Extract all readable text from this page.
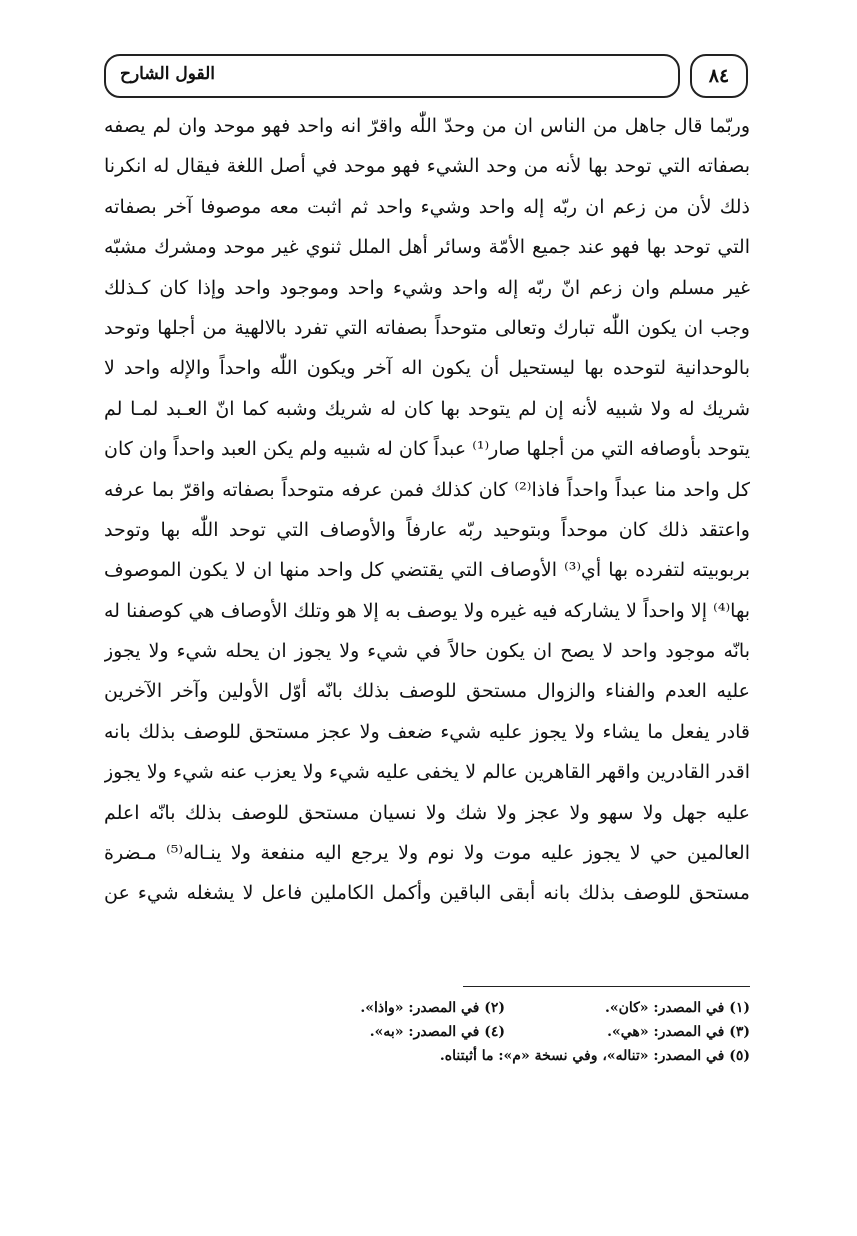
القول الشارح	٨٤
وربّما قال جاهل من الناس ان من وحدّ اللّٰه واقرّ انه واحد فهو موحد وان لم يصفه
بصفاته التي توحد بها لأنه من وحد الشيء فهو موحد في أصل اللغة فيقال له انكرنا
ذلك لأن من زعم ان ربّه إله واحد وشيء واحد ثم اثبت معه موصوفا آخر بصفاته
التي توحد بها فهو عند جميع الأمّة وسائر أهل الملل ثنوي غير موحد ومشرك مشبّه
غير مسلم وان زعم انّ ربّه إله واحد وشيء واحد وموجود واحد وإذا كان كـذلك
وجب ان يكون اللّٰه تبارك وتعالى متوحداً بصفاته التي تفرد بالالهية من أجلها وتوحد
بالوحدانية لتوحده بها ليستحيل أن يكون اله آخر ويكون اللّٰه واحداً والإله واحد لا
شريك له ولا شبيه لأنه إن لم يتوحد بها كان له شريك وشبه كما انّ العـبد لمـا لم
يتوحد بأوصافه التي من أجلها صار⁽¹⁾ عبداً كان له شبيه ولم يكن العبد واحداً وان كان
كل واحد منا عبداً واحداً فاذا⁽²⁾ كان كذلك فمن عرفه متوحداً بصفاته واقرّ بما عرفه
واعتقد ذلك كان موحداً وبتوحيد ربّه عارفاً والأوصاف التي توحد اللّٰه بها وتوحد
بربوبيته لتفرده بها أي⁽³⁾ الأوصاف التي يقتضي كل واحد منها ان لا يكون الموصوف
بها⁽⁴⁾ إلا واحداً لا يشاركه فيه غيره ولا يوصف به إلا هو وتلك الأوصاف هي كوصفنا له
بانّه موجود واحد لا يصح ان يكون حالاً في شيء ولا يجوز ان يحله شيء ولا يجوز
عليه العدم والفناء والزوال مستحق للوصف بذلك بانّه أوّل الأولين وآخر الآخرين
قادر يفعل ما يشاء ولا يجوز عليه شيء ضعف ولا عجز مستحق للوصف بذلك بانه
اقدر القادرين واقهر القاهرين عالم لا يخفى عليه شيء ولا يعزب عنه شيء ولا يجوز
عليه جهل ولا سهو ولا عجز ولا شك ولا نسيان مستحق للوصف بذلك بانّه اعلم
العالمين حي لا يجوز عليه موت ولا نوم ولا يرجع اليه منفعة ولا ينـاله⁽⁵⁾ مـضرة
مستحق للوصف بذلك بانه أبقى الباقين وأكمل الكاملين فاعل لا يشغله شيء عن
(١) في المصدر: «كان».
(٢) في المصدر: «واذا».
(٣) في المصدر: «هي».
(٤) في المصدر: «به».
(٥) في المصدر: «تناله»، وفي نسخة «م»: ما أثبتناه.
